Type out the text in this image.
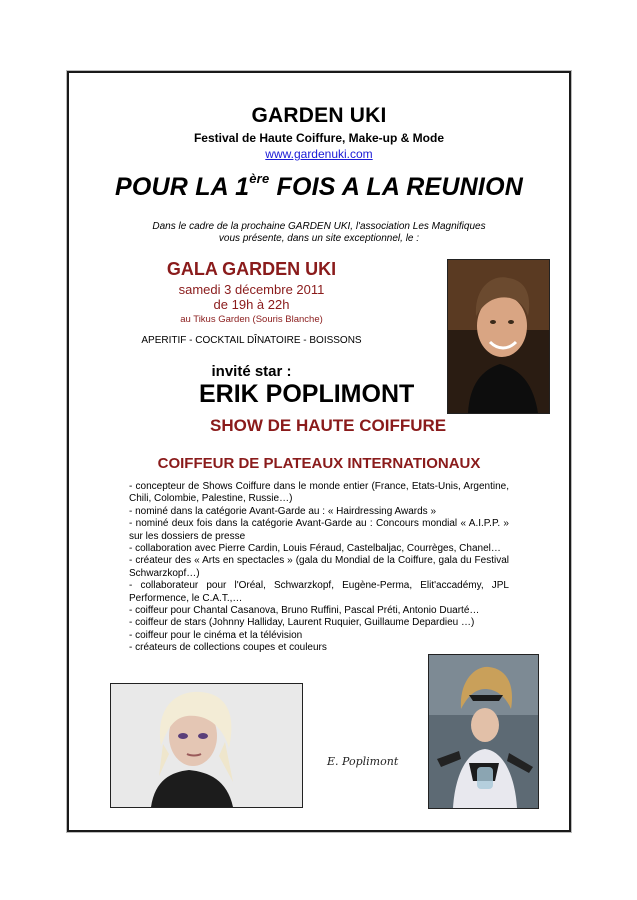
GARDEN UKI
Festival de Haute Coiffure, Make-up & Mode
www.gardenuki.com
POUR LA 1ère FOIS A LA REUNION
Dans le cadre de la prochaine GARDEN UKI, l'association Les Magnifiques
vous présente, dans un site exceptionnel, le :
GALA GARDEN UKI
samedi 3 décembre 2011
de 19h à 22h
au Tikus Garden (Souris Blanche)
APERITIF - COCKTAIL DÎNATOIRE - BOISSONS
invité star :
ERIK POPLIMONT
SHOW DE HAUTE COIFFURE
COIFFEUR DE PLATEAUX INTERNATIONAUX
- concepteur de Shows Coiffure dans le monde entier (France, Etats-Unis, Argentine, Chili, Colombie, Palestine, Russie…)
- nominé dans la catégorie Avant-Garde au : « Hairdressing Awards »
- nominé deux fois dans la catégorie Avant-Garde au : Concours mondial « A.I.P.P. » sur les dossiers de presse
- collaboration avec Pierre Cardin, Louis Féraud, Castelbaljac, Courrèges, Chanel…
- créateur des « Arts en spectacles » (gala du Mondial de la Coiffure, gala du Festival Schwarzkopf…)
- collaborateur pour l'Oréal, Schwarzkopf, Eugène-Perma, Elit'accadémy, JPL Performence, le C.A.T.,…
- coiffeur pour Chantal Casanova, Bruno Ruffini, Pascal Préti, Antonio Duarté…
- coiffeur de stars (Johnny Halliday, Laurent Ruquier, Guillaume Depardieu …)
- coiffeur pour le cinéma et la télévision
- créateurs de collections coupes et couleurs
E. Poplimont
